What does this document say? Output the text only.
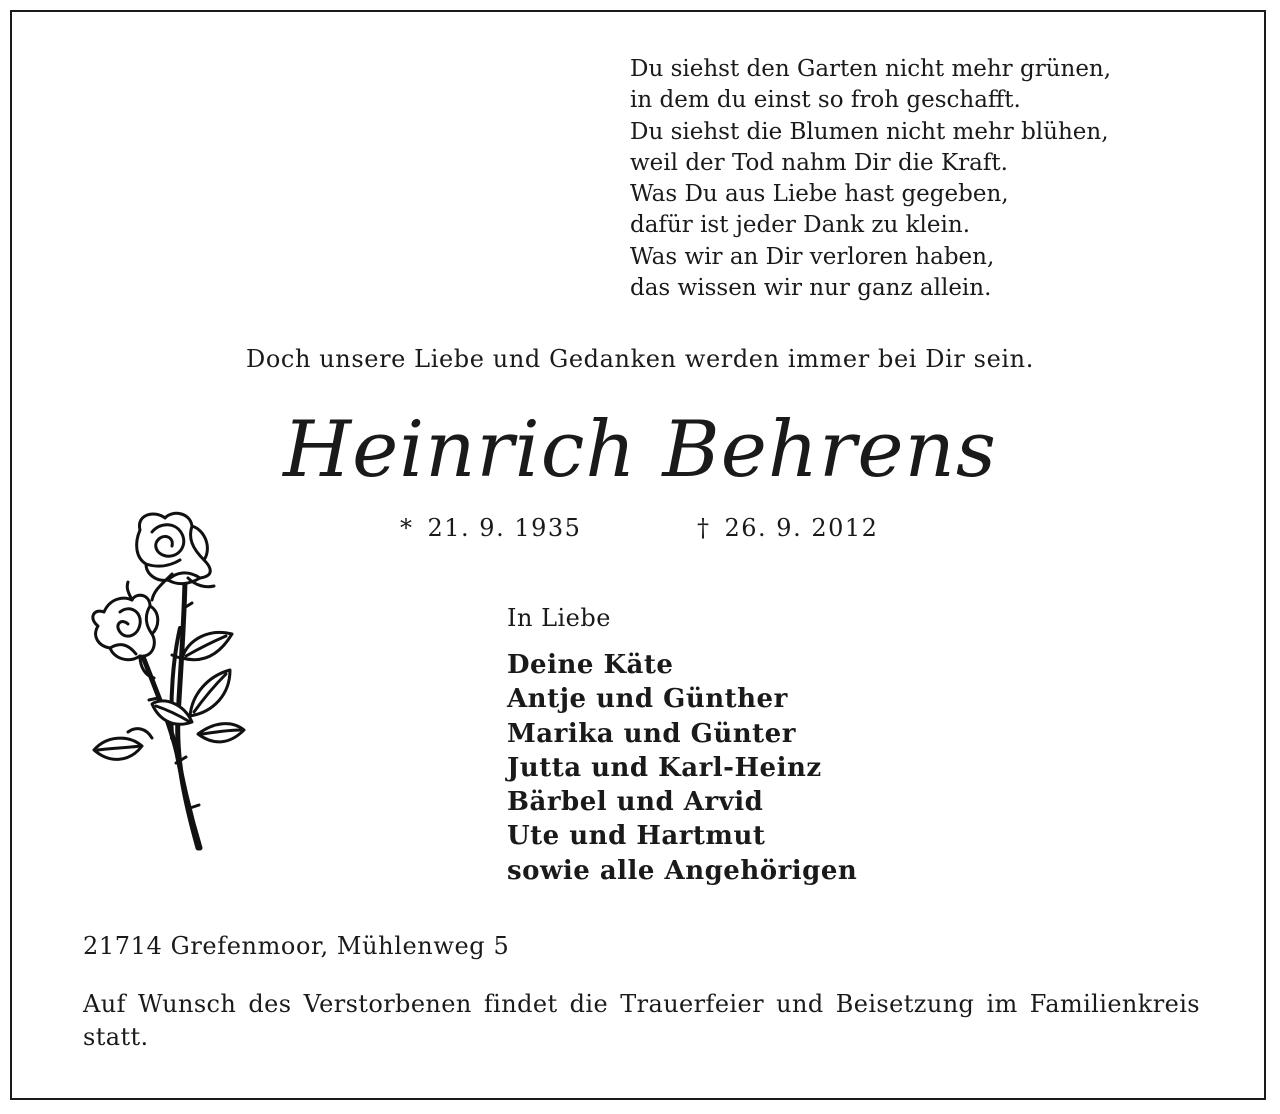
Du siehst den Garten nicht mehr grünen,
in dem du einst so froh geschafft.
Du siehst die Blumen nicht mehr blühen,
weil der Tod nahm Dir die Kraft.
Was Du aus Liebe hast gegeben,
dafür ist jeder Dank zu klein.
Was wir an Dir verloren haben,
das wissen wir nur ganz allein.
Doch unsere Liebe und Gedanken werden immer bei Dir sein.
Heinrich Behrens
* 21. 9. 1935	† 26. 9. 2012
In Liebe
Deine Käte
Antje und Günther
Marika und Günter
Jutta und Karl-Heinz
Bärbel und Arvid
Ute und Hartmut
sowie alle Angehörigen
21714 Grefenmoor, Mühlenweg 5

Auf Wunsch des Verstorbenen findet die Trauerfeier und Beisetzung im Familienkreis statt.
